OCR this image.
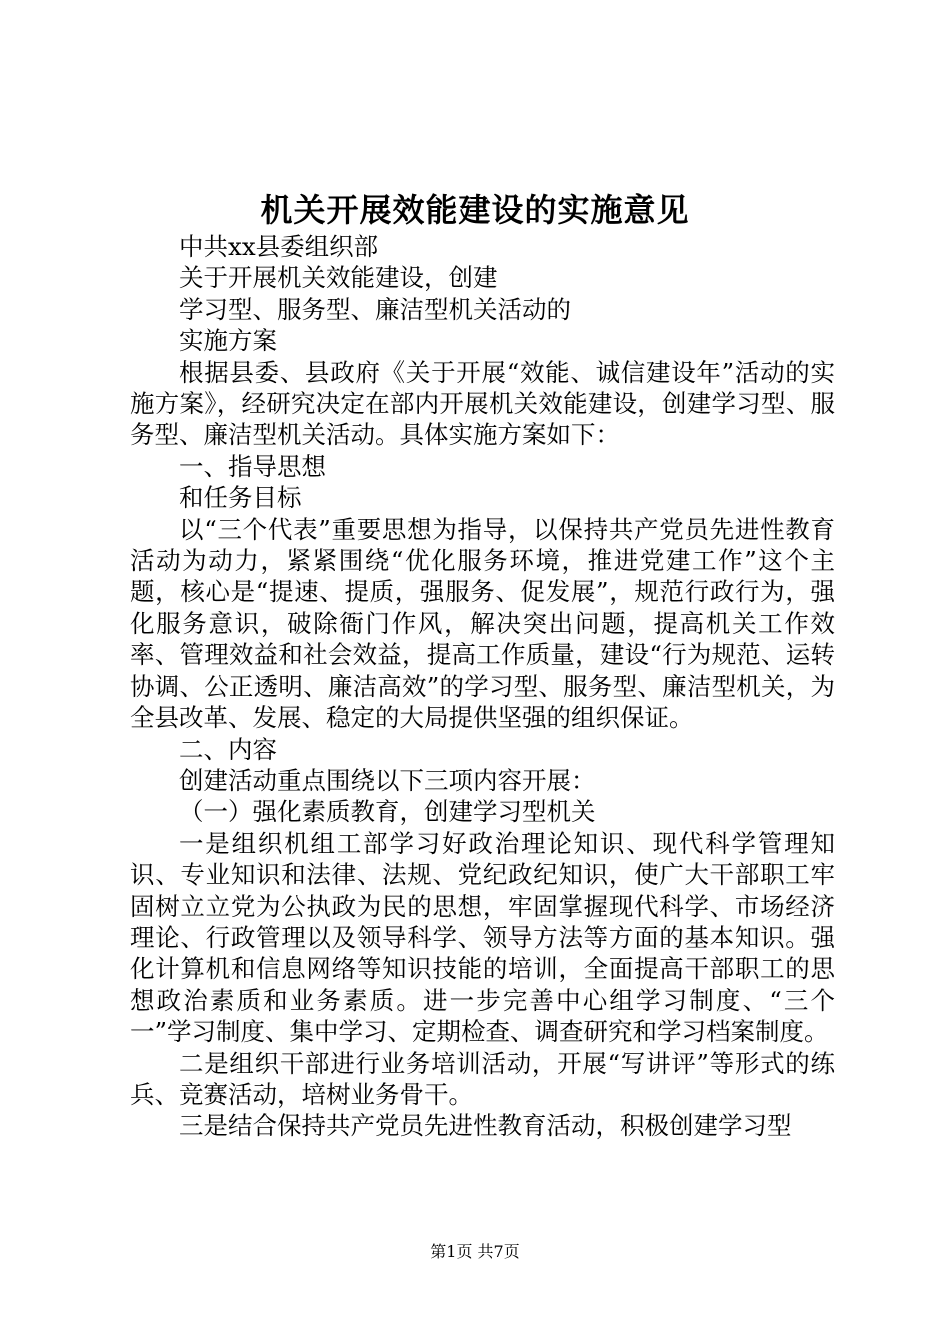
机关开展效能建设的实施意见

中共xx县委组织部

关于开展机关效能建设，创建

学习型、服务型、廉洁型机关活动的

实施方案

根据县委、县政府《关于开展“效能、诚信建设年”活动的实施方案》，经研究决定在部内开展机关效能建设，创建学习型、服务型、廉洁型机关活动。具体实施方案如下：

一、指导思想

和任务目标

以“三个代表”重要思想为指导，以保持共产党员先进性教育活动为动力，紧紧围绕“优化服务环境，推进党建工作”这个主题，核心是“提速、提质，强服务、促发展”，规范行政行为，强化服务意识，破除衙门作风，解决突出问题，提高机关工作效率、管理效益和社会效益，提高工作质量，建设“行为规范、运转协调、公正透明、廉洁高效”的学习型、服务型、廉洁型机关，为全县改革、发展、稳定的大局提供坚强的组织保证。

二、内容

创建活动重点围绕以下三项内容开展：

（一）强化素质教育，创建学习型机关

一是组织机组工部学习好政治理论知识、现代科学管理知识、专业知识和法律、法规、党纪政纪知识，使广大干部职工牢固树立立党为公执政为民的思想，牢固掌握现代科学、市场经济理论、行政管理以及领导科学、领导方法等方面的基本知识。强化计算机和信息网络等知识技能的培训，全面提高干部职工的思想政治素质和业务素质。进一步完善中心组学习制度、“三个一”学习制度、集中学习、定期检查、调查研究和学习档案制度。

二是组织干部进行业务培训活动，开展“写讲评”等形式的练兵、竞赛活动，培树业务骨干。

三是结合保持共产党员先进性教育活动，积极创建学习型

第1页 共7页
